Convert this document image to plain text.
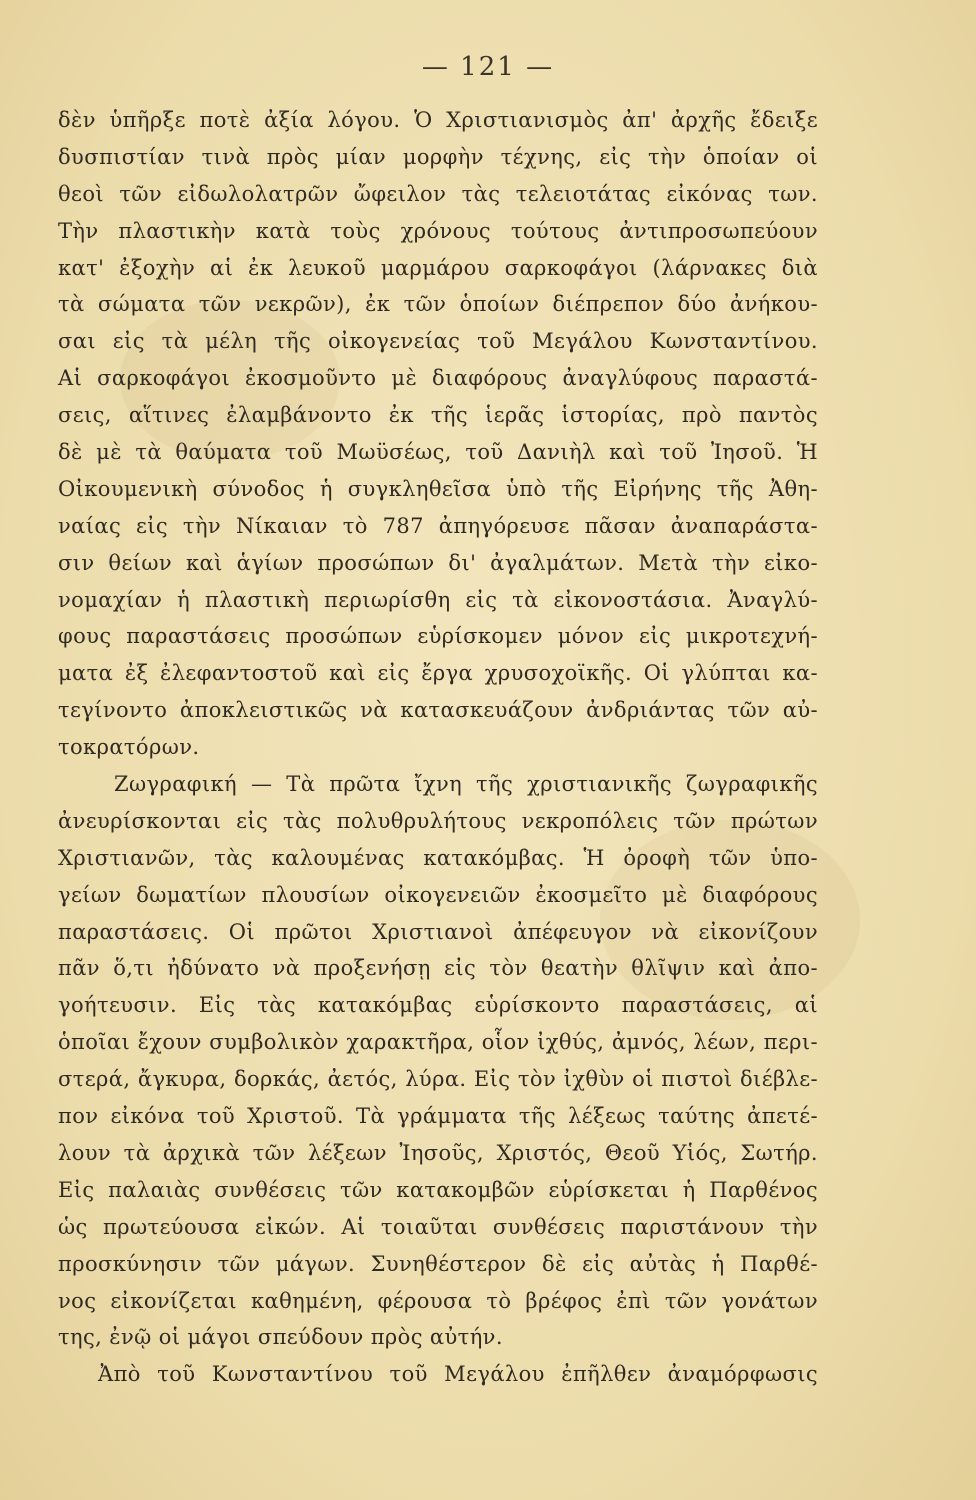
— 121 —
δὲν ὑπῆρξε ποτὲ ἀξία λόγου. Ὁ Χριστιανισμὸς ἀπ' ἀρχῆς ἔδειξε
δυσπιστίαν τινὰ πρὸς μίαν μορφὴν τέχνης, εἰς τὴν ὁποίαν οἱ
θεοὶ τῶν εἰδωλολατρῶν ὤφειλον τὰς τελειοτάτας εἰκόνας των.
Τὴν πλαστικὴν κατὰ τοὺς χρόνους τούτους ἀντιπροσωπεύουν
κατ' ἐξοχὴν αἱ ἐκ λευκοῦ μαρμάρου σαρκοφάγοι (λάρνακες διὰ
τὰ σώματα τῶν νεκρῶν), ἐκ τῶν ὁποίων διέπρεπον δύο ἀνήκου-
σαι εἰς τὰ μέλη τῆς οἰκογενείας τοῦ Μεγάλου Κωνσταντίνου.
Αἱ σαρκοφάγοι ἐκοσμοῦντο μὲ διαφόρους ἀναγλύφους παραστά-
σεις, αἵτινες ἐλαμβάνοντο ἐκ τῆς ἱερᾶς ἱστορίας, πρὸ παντὸς
δὲ μὲ τὰ θαύματα τοῦ Μωϋσέως, τοῦ Δανιὴλ καὶ τοῦ Ἰησοῦ. Ἡ
Οἰκουμενικὴ σύνοδος ἡ συγκληθεῖσα ὑπὸ τῆς Εἰρήνης τῆς Ἀθη-
ναίας εἰς τὴν Νίκαιαν τὸ 787 ἀπηγόρευσε πᾶσαν ἀναπαράστα-
σιν θείων καὶ ἁγίων προσώπων δι' ἀγαλμάτων. Μετὰ τὴν εἰκο-
νομαχίαν ἡ πλαστικὴ περιωρίσθη εἰς τὰ εἰκονοστάσια. Ἀναγλύ-
φους παραστάσεις προσώπων εὑρίσκομεν μόνον εἰς μικροτεχνή-
ματα ἐξ ἐλεφαντοστοῦ καὶ εἰς ἔργα χρυσοχοϊκῆς. Οἱ γλύπται κα-
τεγίνοντο ἀποκλειστικῶς νὰ κατασκευάζουν ἀνδριάντας τῶν αὐ-
τοκρατόρων.
Ζωγραφική — Τὰ πρῶτα ἴχνη τῆς χριστιανικῆς ζωγραφικῆς
ἀνευρίσκονται εἰς τὰς πολυθρυλήτους νεκροπόλεις τῶν πρώτων
Χριστιανῶν, τὰς καλουμένας κατακόμβας. Ἡ ὀροφὴ τῶν ὑπο-
γείων δωματίων πλουσίων οἰκογενειῶν ἐκοσμεῖτο μὲ διαφόρους
παραστάσεις. Οἱ πρῶτοι Χριστιανοὶ ἀπέφευγον νὰ εἰκονίζουν
πᾶν ὅ,τι ἠδύνατο νὰ προξενήσῃ εἰς τὸν θεατὴν θλῖψιν καὶ ἀπο-
γοήτευσιν. Εἰς τὰς κατακόμβας εὑρίσκοντο παραστάσεις, αἱ
ὁποῖαι ἔχουν συμβολικὸν χαρακτῆρα, οἷον ἰχθύς, ἀμνός, λέων, περι-
στερά, ἄγκυρα, δορκάς, ἀετός, λύρα. Εἰς τὸν ἰχθὺν οἱ πιστοὶ διέβλε-
πον εἰκόνα τοῦ Χριστοῦ. Τὰ γράμματα τῆς λέξεως ταύτης ἀπετέ-
λουν τὰ ἀρχικὰ τῶν λέξεων Ἰησοῦς, Χριστός, Θεοῦ Υἱός, Σωτήρ.
Εἰς παλαιὰς συνθέσεις τῶν κατακομβῶν εὑρίσκεται ἡ Παρθένος
ὡς πρωτεύουσα εἰκών. Αἱ τοιαῦται συνθέσεις παριστάνουν τὴν
προσκύνησιν τῶν μάγων. Συνηθέστερον δὲ εἰς αὐτὰς ἡ Παρθέ-
νος εἰκονίζεται καθημένη, φέρουσα τὸ βρέφος ἐπὶ τῶν γονάτων
της, ἐνῷ οἱ μάγοι σπεύδουν πρὸς αὐτήν.
Ἀπὸ τοῦ Κωνσταντίνου τοῦ Μεγάλου ἐπῆλθεν ἀναμόρφωσις
